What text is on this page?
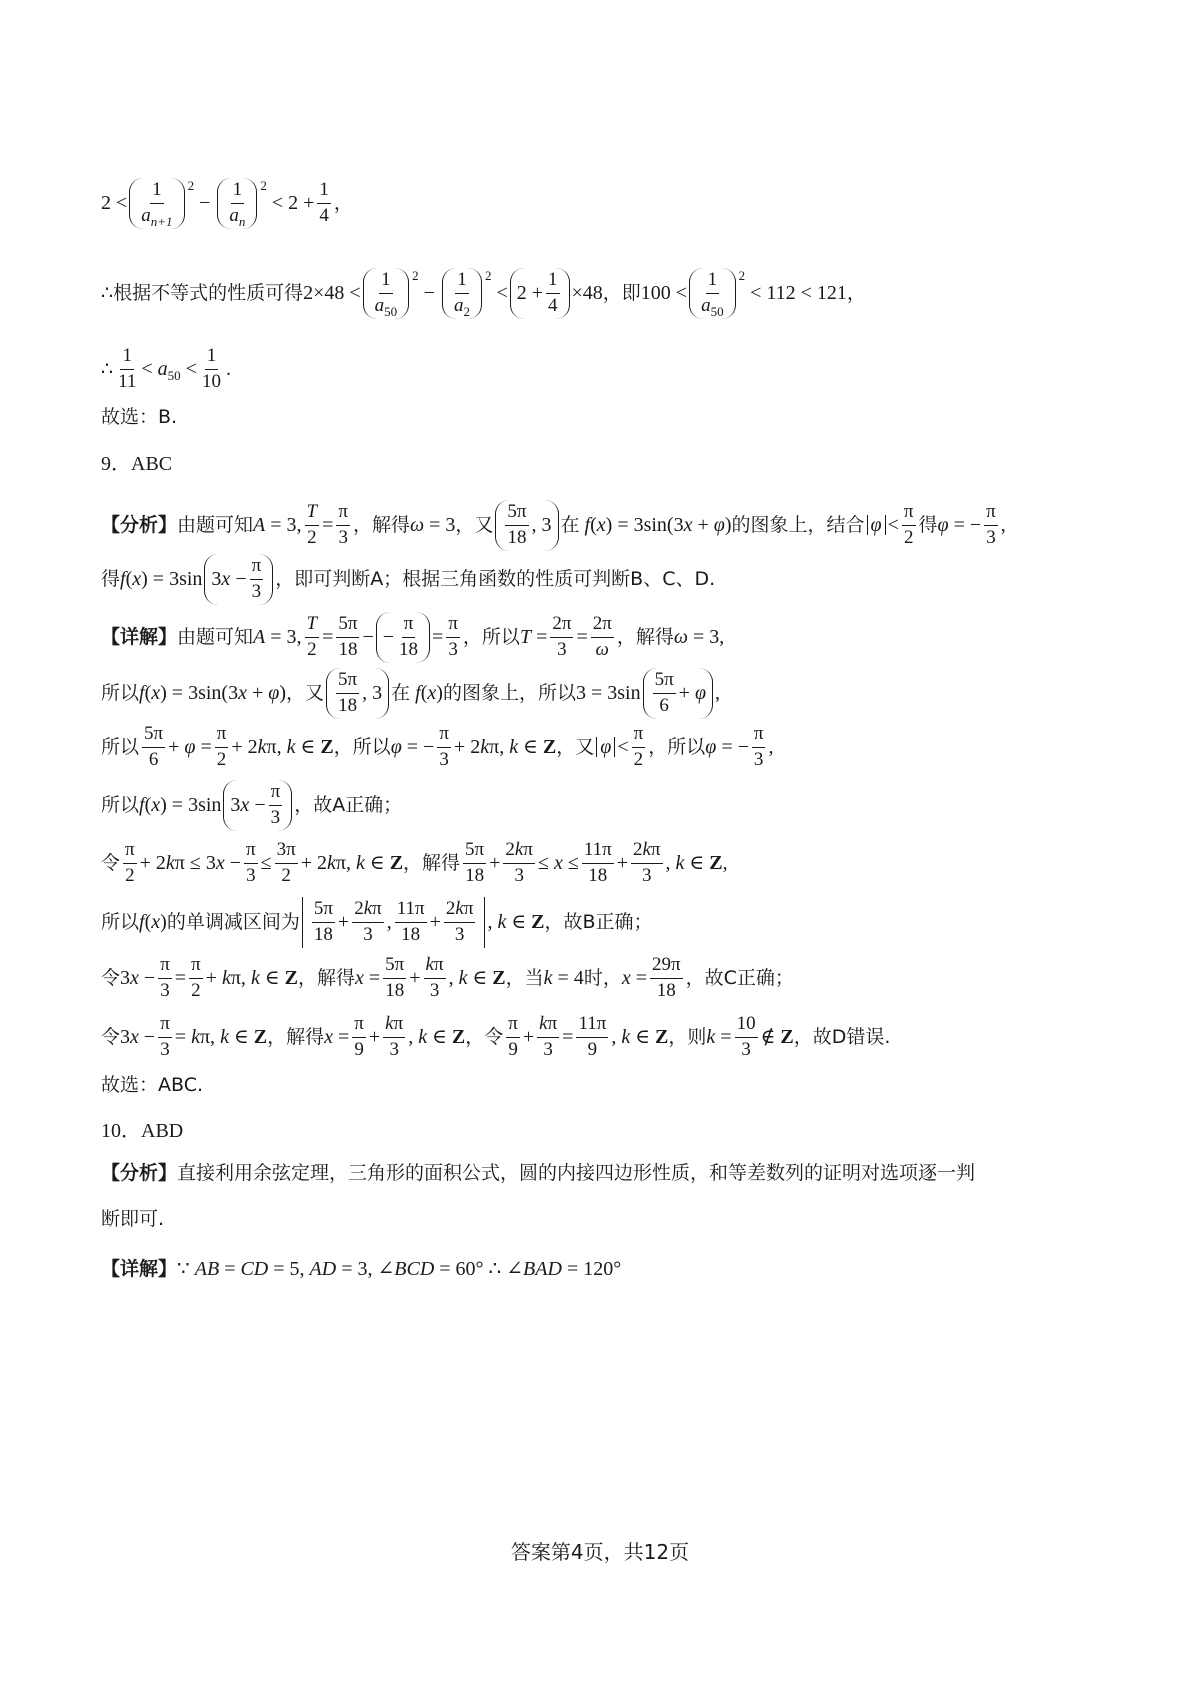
$2 < \frac{1}{a_{n+1}} ^2$
− $\frac{1}{a_n} ^2$
< $2 + \frac{1}{4}$ ，
∴根据不等式的性质可得 $2\times 48 < \frac{1}{a_{50}} ^2$
− $\frac{1}{a_2} ^2$
< $2 + \frac{1}{4} \times 48$ ，即 $100 < \frac{1}{a_{50}} ^2$
< 112 < 121 ，
∴ $\frac{1}{11} < a_{50} < \frac{1}{10}$ .
故选：B.
9．ABC
【分析】 由题可知 A = 3, $\frac{T}{2} = \frac{\pi}{3}$ ，解得 ω = 3 ，又 $\frac{5\pi}{18}$ , 3 在 f(x) = 3sin(3x + φ) 的图象上，结合 $\varphi < \frac{\pi}{2}$ 得 φ = − $\frac{\pi}{3}$ ,
得 f(x) = 3sin $3x - \frac{\pi}{3}$ ，即可判断A；根据三角函数的性质可判断B、C、D.
【详解】 由题可知 A = 3, $\frac{T}{2} = \frac{5\pi}{18}$ − − $\frac{\pi}{18} = \frac{\pi}{3}$ ，所以 $T = \frac{2\pi}{3} = \frac{2\pi}{\omega}$ ，解得 ω = 3,
所以 f(x) = 3sin(3x + φ) ，又 $\frac{5\pi}{18}$ , 3 在 f(x) 的图象上，所以 $3 = 3\sin \frac{5\pi}{6} + \varphi$ ,
所以 $\frac{5\pi}{6} + \varphi = \frac{\pi}{2} + 2k\pi$, k ∈ Z ，所以 φ = − $\frac{\pi}{3} + 2k\pi$, k ∈ Z ，又 $\varphi < \frac{\pi}{2}$ ，所以 φ = − $\frac{\pi}{3}$ ,
所以 f(x) = 3sin $3x - \frac{\pi}{3}$ ，故A正确；
令 $\frac{\pi}{2} + 2k\pi \le 3x - \frac{\pi}{3} \le \frac{3\pi}{2} + 2k\pi$, k ∈ Z ，解得 $\frac{5\pi}{18} + \frac{2k\pi}{3} \le x \le \frac{11\pi}{18} + \frac{2k\pi}{3}$ , k ∈ Z,
所以 f(x) 的单调减区间为 $\frac{5\pi}{18} + \frac{2k\pi}{3}$ , $\frac{11\pi}{18} + \frac{2k\pi}{3}$ , k ∈ Z ，故B正确；
令 $3x - \frac{\pi}{3} = \frac{\pi}{2} + k\pi$, k ∈ Z ，解得 $x = \frac{5\pi}{18} + \frac{k\pi}{3}$ , k ∈ Z ，当 k = 4 时， $x = \frac{29\pi}{18}$ ，故C正确；
令 $3x - \frac{\pi}{3} = k\pi$, k ∈ Z ，解得 $x = \frac{\pi}{9} + \frac{k\pi}{3}$ , k ∈ Z ，令 $\frac{\pi}{9} + \frac{k\pi}{3} = \frac{11\pi}{9}$ , k ∈ Z ，则 $k = \frac{10}{3}$ ∉ Z ，故D错误.
故选：ABC.
10．ABD
【分析】 直接利用余弦定理，三角形的面积公式，圆的内接四边形性质，和等差数列的证明对选项逐一判
断即可.
【详解】 ∵ AB = CD = 5, AD = 3, ∠BCD = 60° ∴ ∠BAD = 120°
答案第4页，共12页
